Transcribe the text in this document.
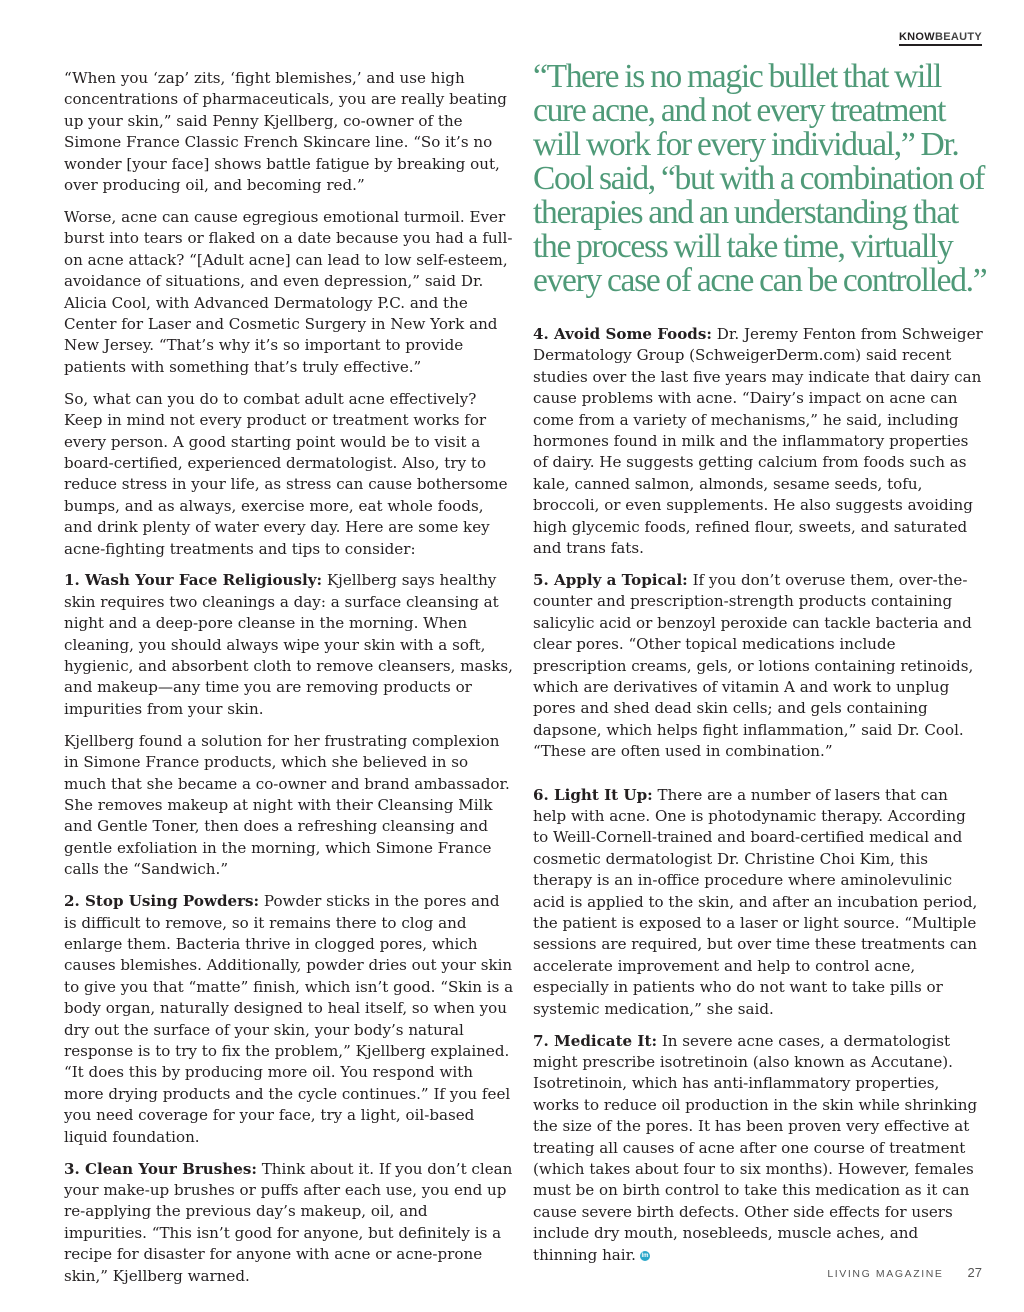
KNOWBEAUTY

“When you ‘zap’ zits, ‘fight blemishes,’ and use high concentrations of pharmaceuticals, you are really beating up your skin,” said Penny Kjellberg, co-owner of the Simone France Classic French Skincare line. “So it’s no wonder [your face] shows battle fatigue by breaking out, over producing oil, and becoming red.”

Worse, acne can cause egregious emotional turmoil. Ever burst into tears or flaked on a date because you had a full-on acne attack? “[Adult acne] can lead to low self-esteem, avoidance of situations, and even depression,” said Dr. Alicia Cool, with Advanced Dermatology P.C. and the Center for Laser and Cosmetic Surgery in New York and New Jersey. “That’s why it’s so important to provide patients with something that’s truly effective.”

So, what can you do to combat adult acne effectively? Keep in mind not every product or treatment works for every person. A good starting point would be to visit a board-certified, experienced dermatologist. Also, try to reduce stress in your life, as stress can cause bothersome bumps, and as always, exercise more, eat whole foods, and drink plenty of water every day. Here are some key acne-fighting treatments and tips to consider:

1. Wash Your Face Religiously: Kjellberg says healthy skin requires two cleanings a day: a surface cleansing at night and a deep-pore cleanse in the morning. When cleaning, you should always wipe your skin with a soft, hygienic, and absorbent cloth to remove cleansers, masks, and makeup—any time you are removing products or impurities from your skin.

Kjellberg found a solution for her frustrating complexion in Simone France products, which she believed in so much that she became a co-owner and brand ambassador. She removes makeup at night with their Cleansing Milk and Gentle Toner, then does a refreshing cleansing and gentle exfoliation in the morning, which Simone France calls the “Sandwich.”

2. Stop Using Powders: Powder sticks in the pores and is difficult to remove, so it remains there to clog and enlarge them. Bacteria thrive in clogged pores, which causes blemishes. Additionally, powder dries out your skin to give you that “matte” finish, which isn’t good. “Skin is a body organ, naturally designed to heal itself, so when you dry out the surface of your skin, your body’s natural response is to try to fix the problem,” Kjellberg explained. “It does this by producing more oil. You respond with more drying products and the cycle continues.” If you feel you need coverage for your face, try a light, oil-based liquid foundation.

3. Clean Your Brushes: Think about it. If you don’t clean your make-up brushes or puffs after each use, you end up re-applying the previous day’s makeup, oil, and impurities. “This isn’t good for anyone, but definitely is a recipe for disaster for anyone with acne or acne-prone skin,” Kjellberg warned.

“There is no magic bullet that will cure acne, and not every treatment will work for every individual,” Dr. Cool said, “but with a combination of therapies and an understanding that the process will take time, virtually every case of acne can be controlled.”

4. Avoid Some Foods: Dr. Jeremy Fenton from Schweiger Dermatology Group (SchweigerDerm.com) said recent studies over the last five years may indicate that dairy can cause problems with acne. “Dairy’s impact on acne can come from a variety of mechanisms,” he said, including hormones found in milk and the inflammatory properties of dairy. He suggests getting calcium from foods such as kale, canned salmon, almonds, sesame seeds, tofu, broccoli, or even supplements. He also suggests avoiding high glycemic foods, refined flour, sweets, and saturated and trans fats.

5. Apply a Topical: If you don’t overuse them, over-the-counter and prescription-strength products containing salicylic acid or benzoyl peroxide can tackle bacteria and clear pores. “Other topical medications include prescription creams, gels, or lotions containing retinoids, which are derivatives of vitamin A and work to unplug pores and shed dead skin cells; and gels containing dapsone, which helps fight inflammation,” said Dr. Cool. “These are often used in combination.”

6. Light It Up: There are a number of lasers that can help with acne. One is photodynamic therapy. According to Weill-Cornell-trained and board-certified medical and cosmetic dermatologist Dr. Christine Choi Kim, this therapy is an in-office procedure where aminolevulinic acid is applied to the skin, and after an incubation period, the patient is exposed to a laser or light source. “Multiple sessions are required, but over time these treatments can accelerate improvement and help to control acne, especially in patients who do not want to take pills or systemic medication,” she said.

7. Medicate It: In severe acne cases, a dermatologist might prescribe isotretinoin (also known as Accutane). Isotretinoin, which has anti-inflammatory properties, works to reduce oil production in the skin while shrinking the size of the pores. It has been proven very effective at treating all causes of acne after one course of treatment (which takes about four to six months). However, females must be on birth control to take this medication as it can cause severe birth defects. Other side effects for users include dry mouth, nosebleeds, muscle aches, and thinning hair. lm

LIVING MAGAZINE 27
